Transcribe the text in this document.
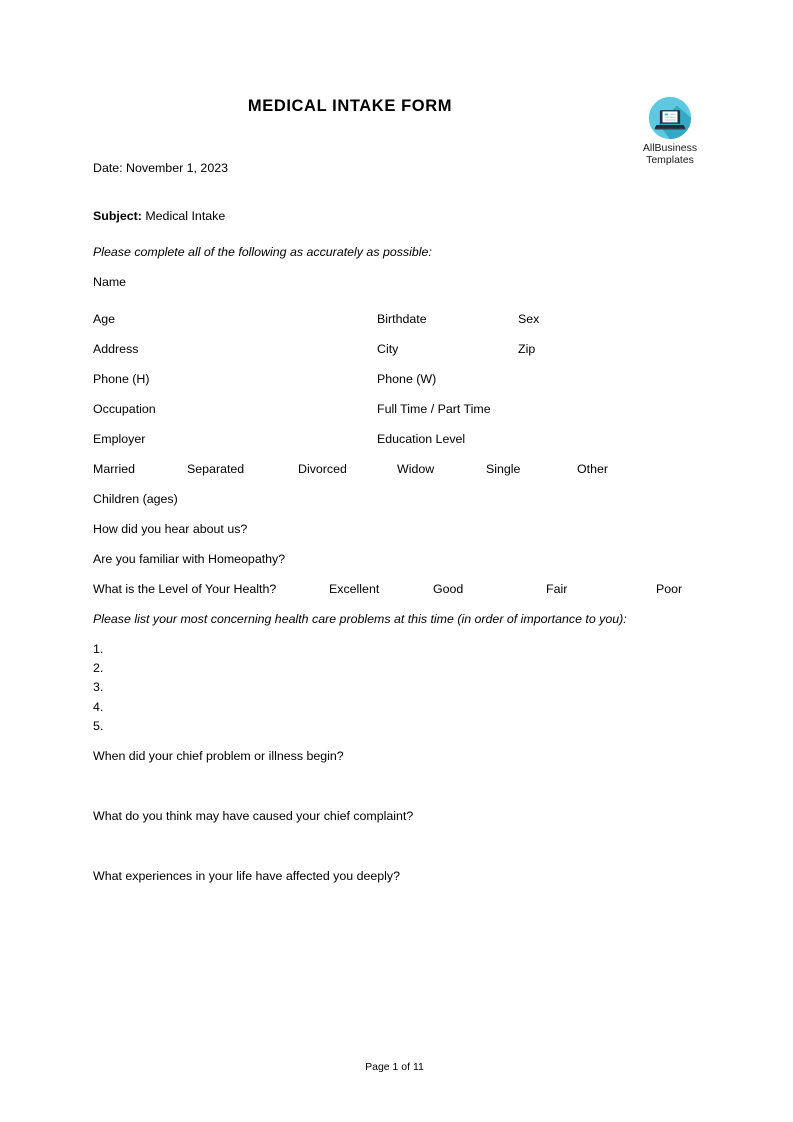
MEDICAL INTAKE FORM
AllBusiness
Templates
Date: November 1, 2023
Subject: Medical Intake
Please complete all of the following as accurately as possible:
Name
Age	Birthdate	Sex
Address	City	Zip
Phone (H)	Phone (W)
Occupation	Full Time / Part Time
Employer	Education Level
Married	Separated	Divorced	Widow	Single	Other
Children (ages)
How did you hear about us?
Are you familiar with Homeopathy?
What is the Level of Your Health?	Excellent	Good	Fair	Poor
Please list your most concerning health care problems at this time (in order of importance to you):
1.
2.
3.
4.
5.
When did your chief problem or illness begin?
What do you think may have caused your chief complaint?
What experiences in your life have affected you deeply?
Page 1 of 11
